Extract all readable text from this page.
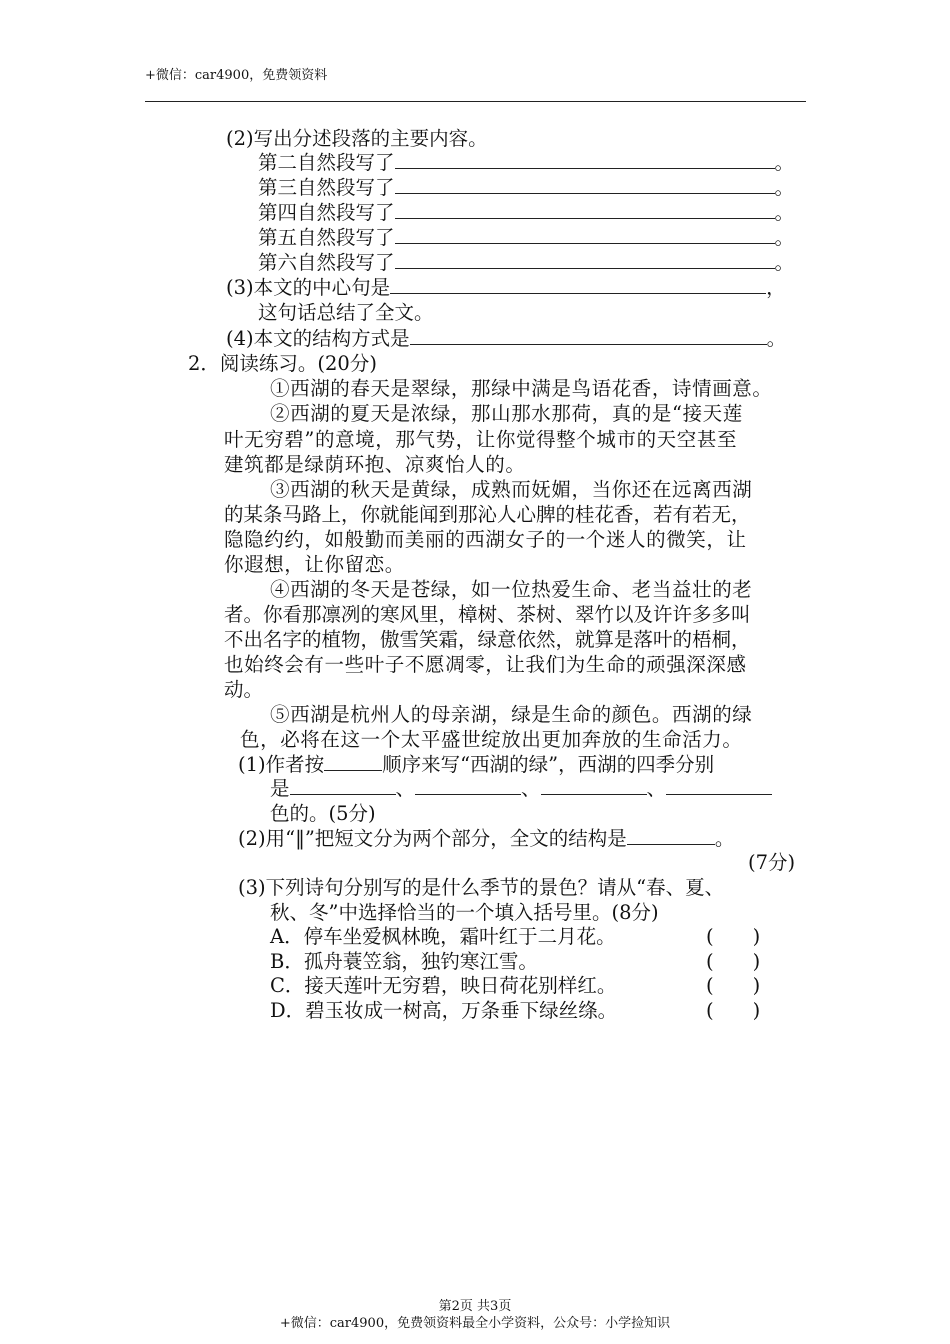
+微信：car4900，免费领资料
(2)写出分述段落的主要内容。
第二自然段写了	。
第三自然段写了	。
第四自然段写了	。
第五自然段写了	。
第六自然段写了	。
(3)本文的中心句是	，
这句话总结了全文。
(4)本文的结构方式是	。
2．阅读练习。(20分)
①西湖的春天是翠绿，那绿中满是鸟语花香，诗情画意。
②西湖的夏天是浓绿，那山那水那荷，真的是“接天莲
叶无穷碧”的意境，那气势，让你觉得整个城市的天空甚至
建筑都是绿荫环抱、凉爽怡人的。
③西湖的秋天是黄绿，成熟而妩媚，当你还在远离西湖
的某条马路上，你就能闻到那沁人心脾的桂花香，若有若无，
隐隐约约，如般勤而美丽的西湖女子的一个迷人的微笑，让
你遐想，让你留恋。
④西湖的冬天是苍绿，如一位热爱生命、老当益壮的老
者。你看那凛冽的寒风里，樟树、茶树、翠竹以及许许多多叫
不出名字的植物，傲雪笑霜，绿意依然，就算是落叶的梧桐，
也始终会有一些叶子不愿凋零，让我们为生命的顽强深深感
动。
⑤西湖是杭州人的母亲湖，绿是生命的颜色。西湖的绿
色，必将在这一个太平盛世绽放出更加奔放的生命活力。
(1)作者按	顺序来写“西湖的绿”，西湖的四季分别
是	、	、	、
色的。(5分)
(2)用“‖”把短文分为两个部分，全文的结构是	。
(7分)
(3)下列诗句分别写的是什么季节的景色？请从“春、夏、
秋、冬”中选择恰当的一个填入括号里。(8分)
A．停车坐爱枫林晚，霜叶红于二月花。	(　　)
B．孤舟蓑笠翁，独钓寒江雪。	(　　)
C．接天莲叶无穷碧，映日荷花别样红。	(　　)
D．碧玉妆成一树高，万条垂下绿丝绦。	(　　)
第2页 共3页
+微信：car4900，免费领资料最全小学资料，公众号：小学捡知识
